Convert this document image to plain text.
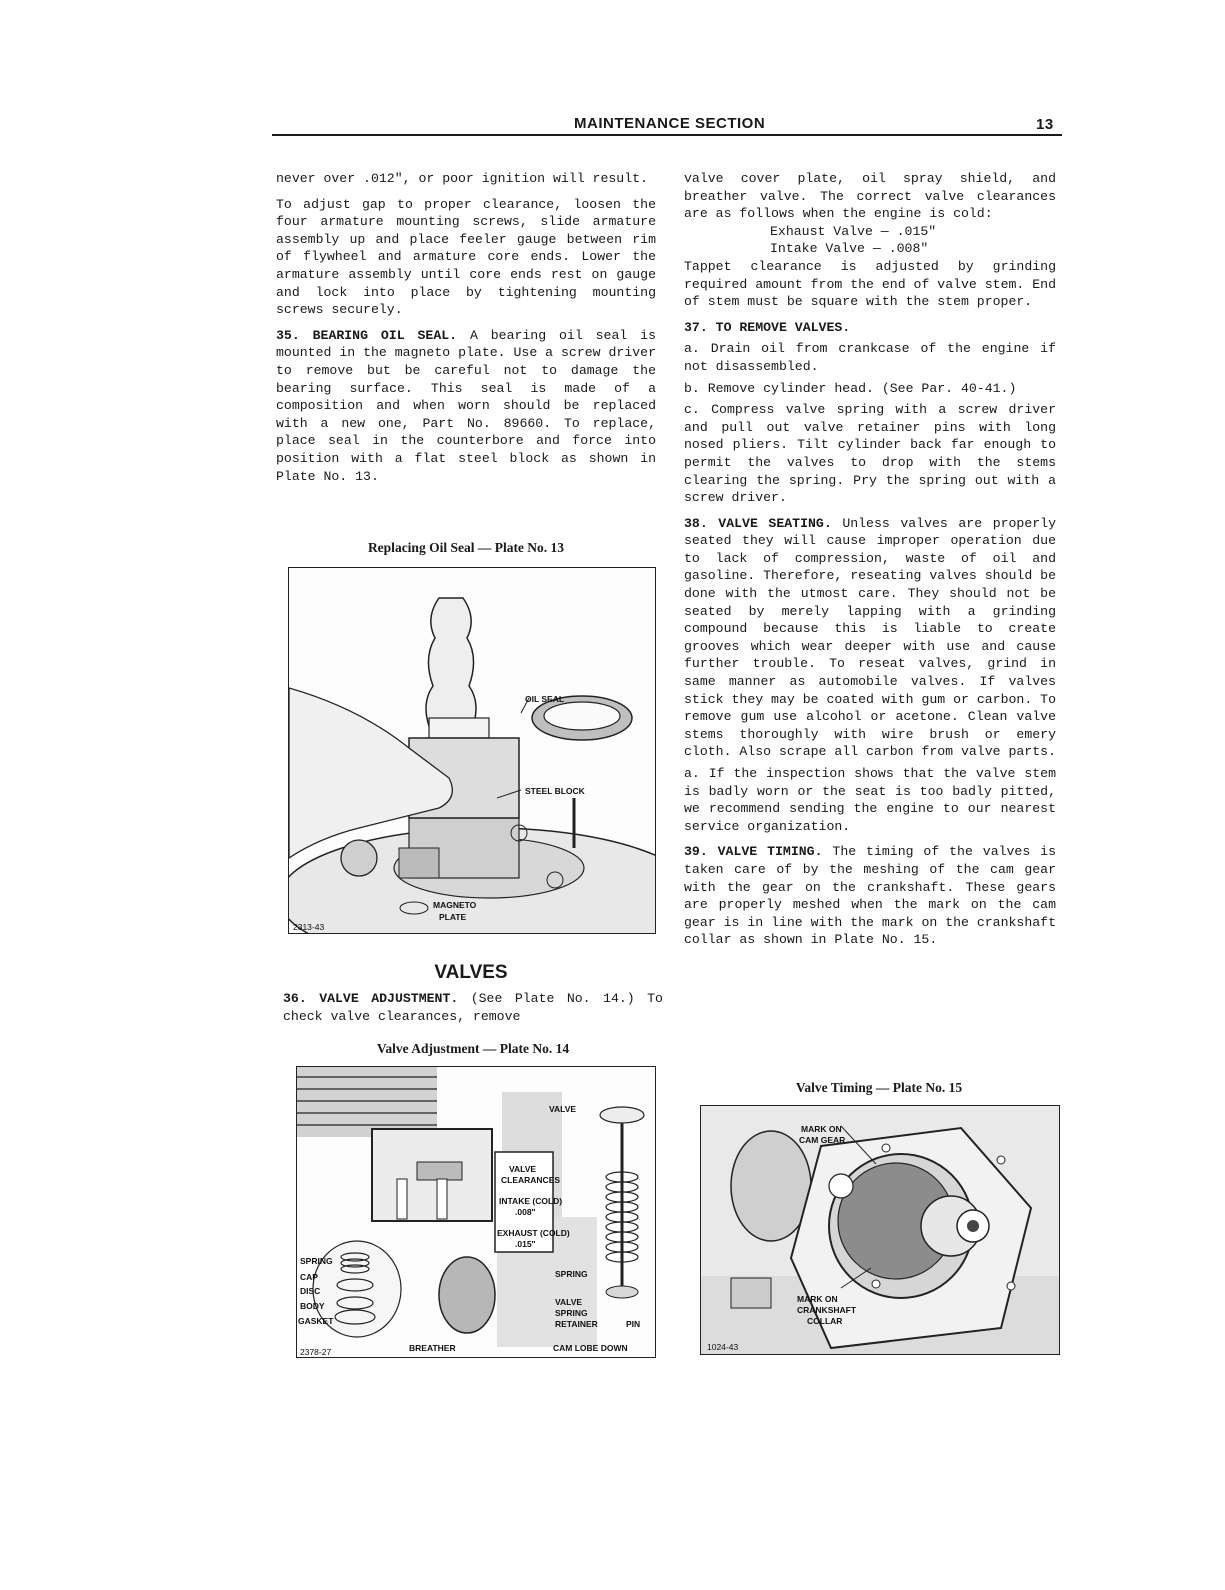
MAINTENANCE SECTION	13

never over .012", or poor ignition will result.

To adjust gap to proper clearance, loosen the four armature mounting screws, slide armature assembly up and place feeler gauge between rim of flywheel and armature core ends. Lower the armature assembly until core ends rest on gauge and lock into place by tightening mounting screws securely.

35. BEARING OIL SEAL. A bearing oil seal is mounted in the magneto plate. Use a screw driver to remove but be careful not to damage the bearing surface. This seal is made of a composition and when worn should be replaced with a new one, Part No. 89660. To replace, place seal in the counterbore and force into position with a flat steel block as shown in Plate No. 13.

Replacing Oil Seal — Plate No. 13
OIL SEAL
STEEL BLOCK
MAGNETO
PLATE
2313-43
VALVES

36. VALVE ADJUSTMENT. (See Plate No. 14.) To check valve clearances, remove

Valve Adjustment — Plate No. 14
VALVE
VALVE
CLEARANCES
INTAKE (COLD)
.008"
EXHAUST (COLD)
.015"
SPRING
CAP
DISC
BODY
GASKET
SPRING
VALVE
SPRING
RETAINER	PIN
BREATHER	CAM LOBE DOWN
2378-27

valve cover plate, oil spray shield, and breather valve. The correct valve clearances are as follows when the engine is cold:

Exhaust Valve — .015"

Intake Valve — .008"

Tappet clearance is adjusted by grinding required amount from the end of valve stem. End of stem must be square with the stem proper.

37. TO REMOVE VALVES.

a. Drain oil from crankcase of the engine if not disassembled.

b. Remove cylinder head. (See Par. 40-41.)

c. Compress valve spring with a screw driver and pull out valve retainer pins with long nosed pliers. Tilt cylinder back far enough to permit the valves to drop with the stems clearing the spring. Pry the spring out with a screw driver.

38. VALVE SEATING. Unless valves are properly seated they will cause improper operation due to lack of compression, waste of oil and gasoline. Therefore, reseating valves should be done with the utmost care. They should not be seated by merely lapping with a grinding compound because this is liable to create grooves which wear deeper with use and cause further trouble. To reseat valves, grind in same manner as automobile valves. If valves stick they may be coated with gum or carbon. To remove gum use alcohol or acetone. Clean valve stems thoroughly with wire brush or emery cloth. Also scrape all carbon from valve parts.

a. If the inspection shows that the valve stem is badly worn or the seat is too badly pitted, we recommend sending the engine to our nearest service organization.

39. VALVE TIMING. The timing of the valves is taken care of by the meshing of the cam gear with the gear on the crankshaft. These gears are properly meshed when the mark on the cam gear is in line with the mark on the crankshaft collar as shown in Plate No. 15.

Valve Timing — Plate No. 15
MARK ON
CAM GEAR
MARK ON
CRANKSHAFT
COLLAR
1024-43
